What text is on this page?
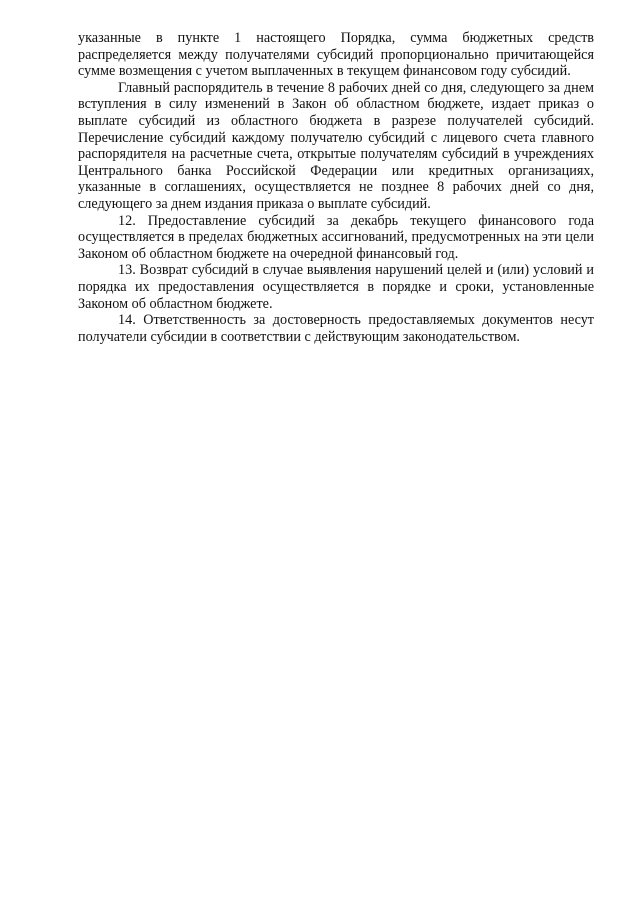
указанные в пункте 1 настоящего Порядка, сумма бюджетных средств распределяется между получателями субсидий пропорционально причитающейся сумме возмещения с учетом выплаченных в текущем финансовом году субсидий.

Главный распорядитель в течение 8 рабочих дней со дня, следующего за днем вступления в силу изменений в Закон об областном бюджете, издает приказ о выплате субсидий из областного бюджета в разрезе получателей субсидий. Перечисление субсидий каждому получателю субсидий с лицевого счета главного распорядителя на расчетные счета, открытые получателям субсидий в учреждениях Центрального банка Российской Федерации или кредитных организациях, указанные в соглашениях, осуществляется не позднее 8 рабочих дней со дня, следующего за днем издания приказа о выплате субсидий.

12. Предоставление субсидий за декабрь текущего финансового года осуществляется в пределах бюджетных ассигнований, предусмотренных на эти цели Законом об областном бюджете на очередной финансовый год.

13. Возврат субсидий в случае выявления нарушений целей и (или) условий и порядка их предоставления осуществляется в порядке и сроки, установленные Законом об областном бюджете.

14. Ответственность за достоверность предоставляемых документов несут получатели субсидии в соответствии с действующим законодательством.
